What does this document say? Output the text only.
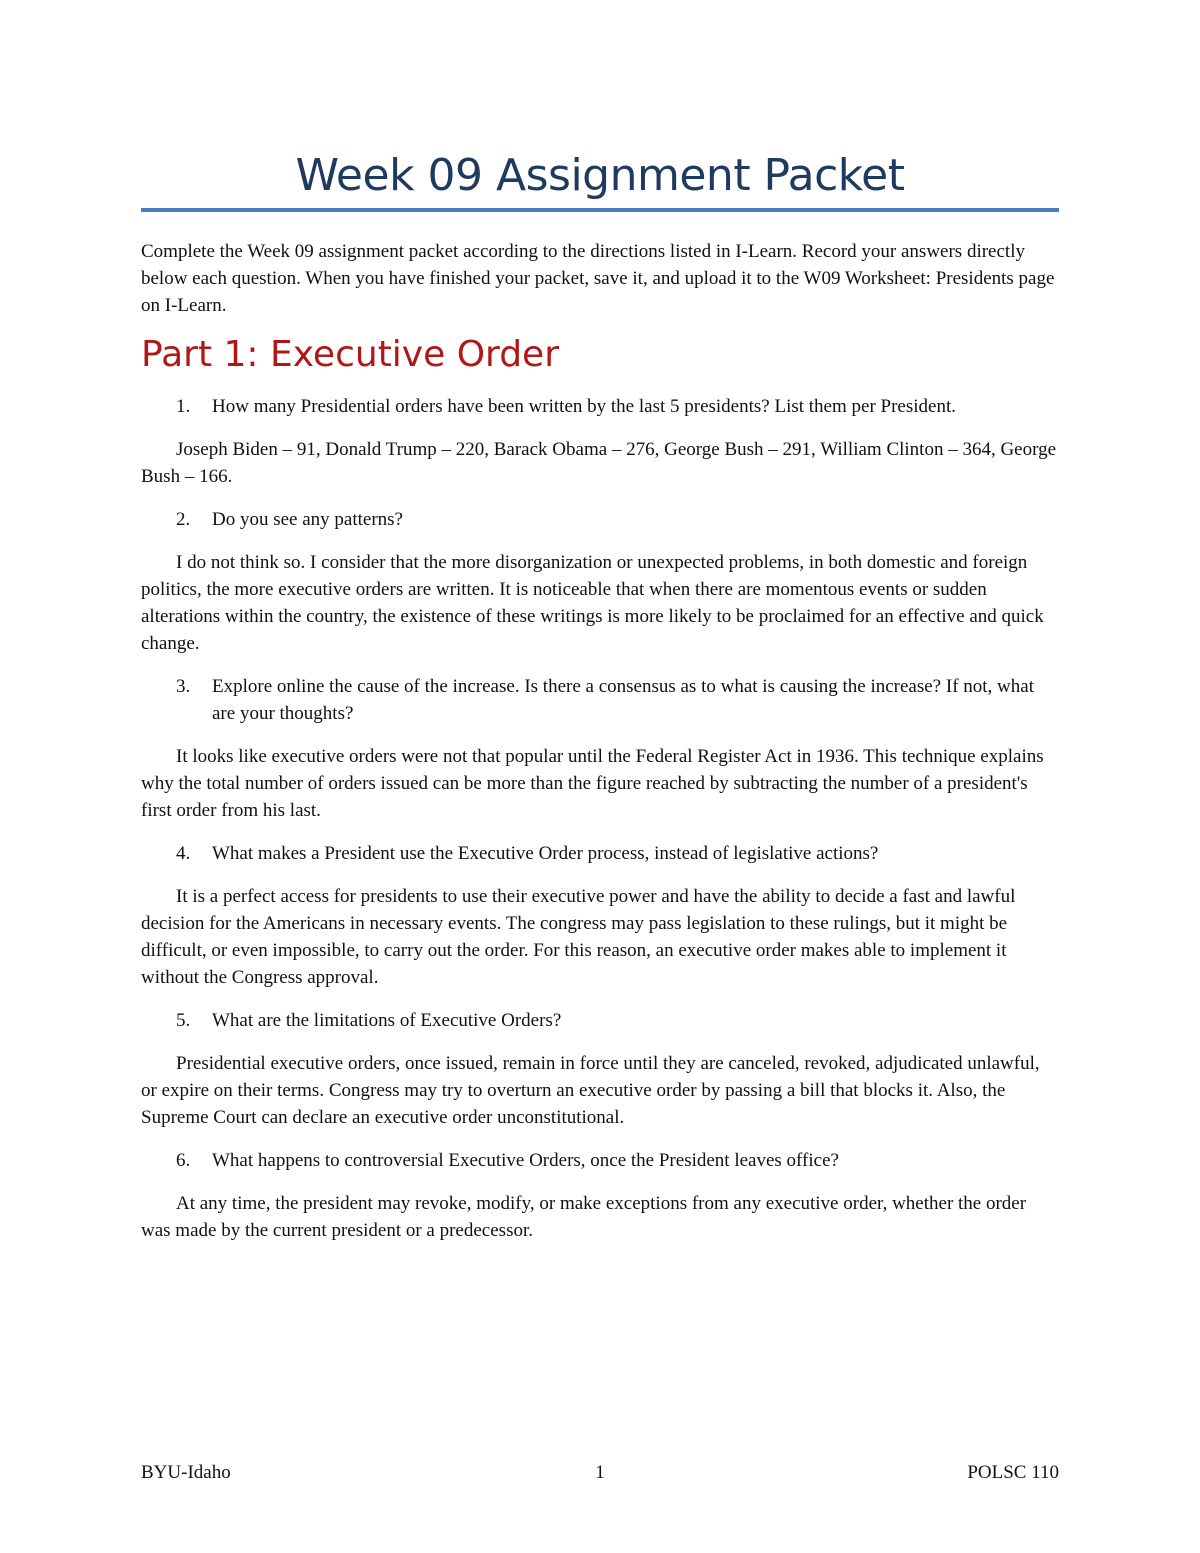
Week 09 Assignment Packet

Complete the Week 09 assignment packet according to the directions listed in I-Learn. Record your answers directly below each question. When you have finished your packet, save it, and upload it to the W09 Worksheet: Presidents page on I-Learn.

Part 1: Executive Order
1.	How many Presidential orders have been written by the last 5 presidents? List them per President.

Joseph Biden – 91, Donald Trump – 220, Barack Obama – 276, George Bush – 291, William Clinton – 364, George Bush – 166.

2.	Do you see any patterns?

I do not think so. I consider that the more disorganization or unexpected problems, in both domestic and foreign politics, the more executive orders are written. It is noticeable that when there are momentous events or sudden alterations within the country, the existence of these writings is more likely to be proclaimed for an effective and quick change.

3.	Explore online the cause of the increase. Is there a consensus as to what is causing the increase? If not, what are your thoughts?

It looks like executive orders were not that popular until the Federal Register Act in 1936. This technique explains why the total number of orders issued can be more than the figure reached by subtracting the number of a president's first order from his last.

4.	What makes a President use the Executive Order process, instead of legislative actions?

It is a perfect access for presidents to use their executive power and have the ability to decide a fast and lawful decision for the Americans in necessary events. The congress may pass legislation to these rulings, but it might be difficult, or even impossible, to carry out the order. For this reason, an executive order makes able to implement it without the Congress approval.

5.	What are the limitations of Executive Orders?

Presidential executive orders, once issued, remain in force until they are canceled, revoked, adjudicated unlawful, or expire on their terms. Congress may try to overturn an executive order by passing a bill that blocks it. Also, the Supreme Court can declare an executive order unconstitutional.

6.	What happens to controversial Executive Orders, once the President leaves office?

At any time, the president may revoke, modify, or make exceptions from any executive order, whether the order was made by the current president or a predecessor.

BYU-Idaho	1	POLSC 110
